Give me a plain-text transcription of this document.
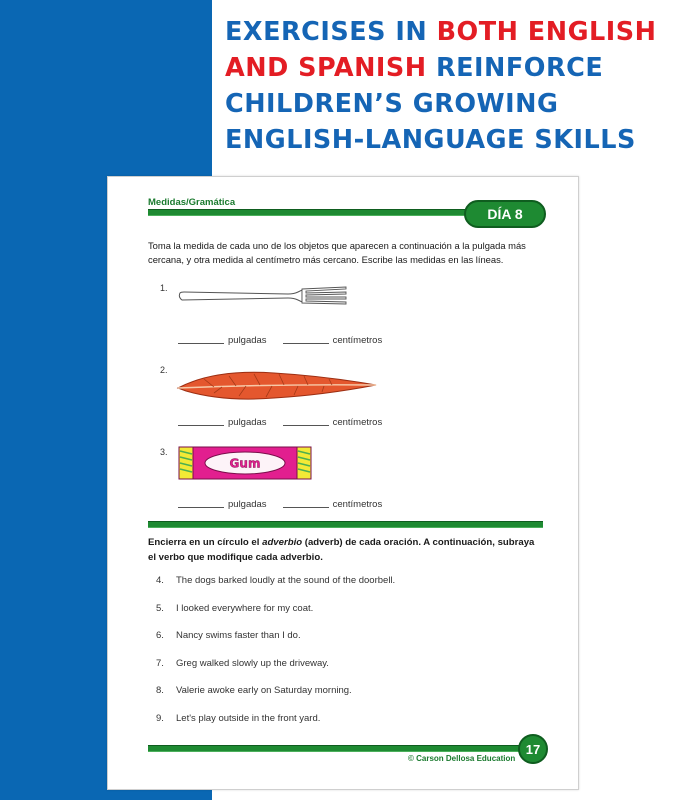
EXERCISES IN BOTH ENGLISH
AND SPANISH REINFORCE
CHILDREN’S GROWING
ENGLISH-LANGUAGE SKILLS
Medidas/Gramática
DÍA 8
Toma la medida de cada uno de los objetos que aparecen a continuación a la pulgada más cercana, y otra medida al centímetro más cercano. Escribe las medidas en las líneas.
1.
pulgadas	centímetros
2.
pulgadas	centímetros
3.
Gum
pulgadas	centímetros
Encierra en un círculo el adverbio (adverb) de cada oración. A continuación, subraya el verbo que modifique cada adverbio.
4. The dogs barked loudly at the sound of the doorbell.
5. I looked everywhere for my coat.
6. Nancy swims faster than I do.
7. Greg walked slowly up the driveway.
8. Valerie awoke early on Saturday morning.
9. Let's play outside in the front yard.
17
© Carson Dellosa Education
